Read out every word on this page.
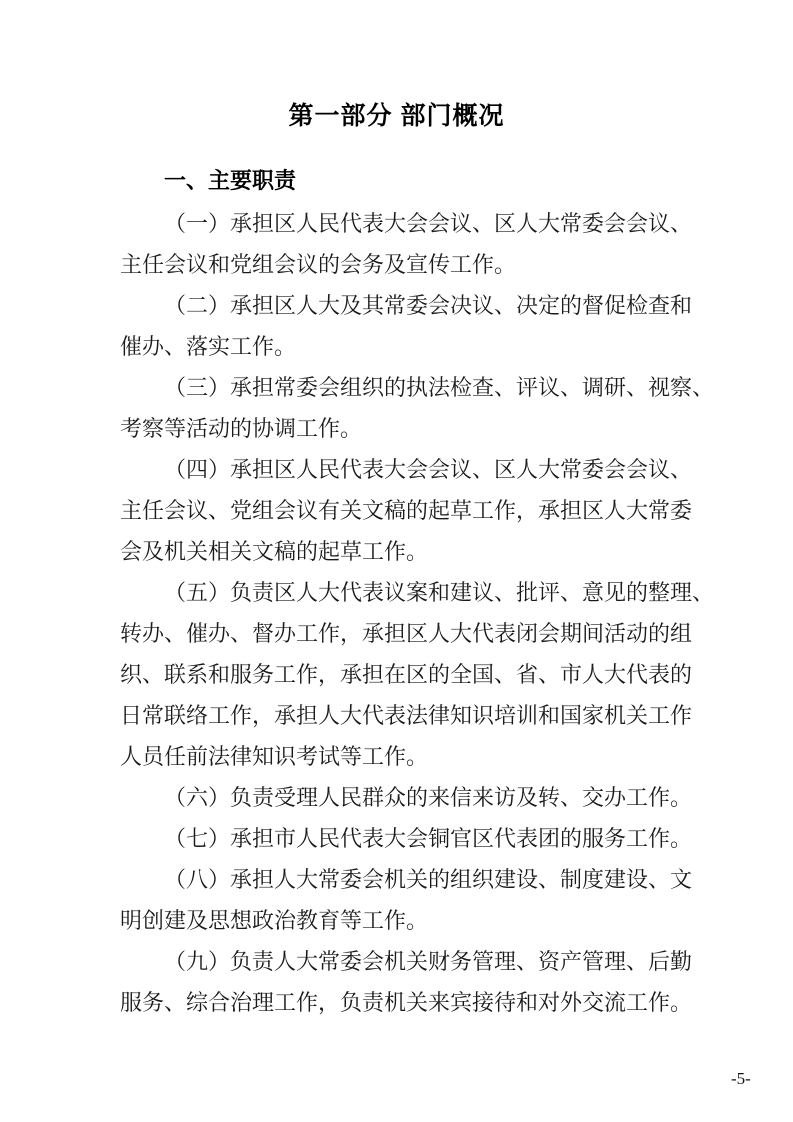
第一部分 部门概况
一、主要职责
（一）承担区人民代表大会会议、区人大常委会会议、
主任会议和党组会议的会务及宣传工作。
（二）承担区人大及其常委会决议、决定的督促检查和
催办、落实工作。
（三）承担常委会组织的执法检查、评议、调研、视察、
考察等活动的协调工作。
（四）承担区人民代表大会会议、区人大常委会会议、
主任会议、党组会议有关文稿的起草工作，承担区人大常委
会及机关相关文稿的起草工作。
（五）负责区人大代表议案和建议、批评、意见的整理、
转办、催办、督办工作，承担区人大代表闭会期间活动的组
织、联系和服务工作，承担在区的全国、省、市人大代表的
日常联络工作，承担人大代表法律知识培训和国家机关工作
人员任前法律知识考试等工作。
（六）负责受理人民群众的来信来访及转、交办工作。
（七）承担市人民代表大会铜官区代表团的服务工作。
（八）承担人大常委会机关的组织建设、制度建设、文
明创建及思想政治教育等工作。
（九）负责人大常委会机关财务管理、资产管理、后勤
服务、综合治理工作，负责机关来宾接待和对外交流工作。
-5-
